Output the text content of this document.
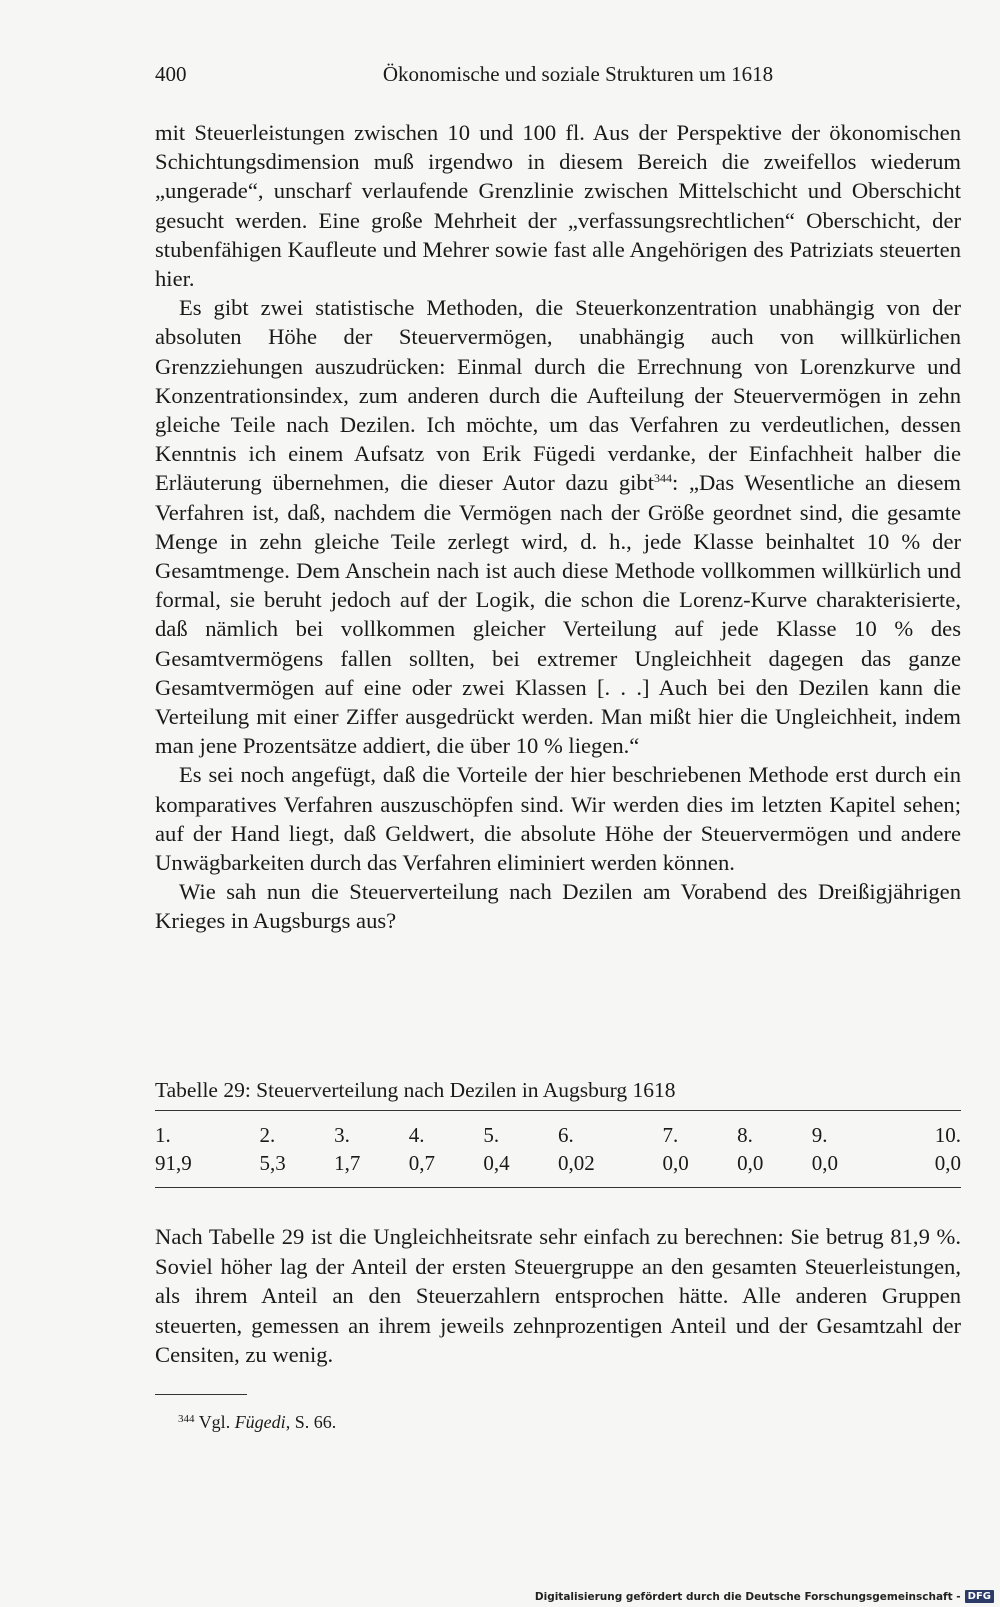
400	Ökonomische und soziale Strukturen um 1618

mit Steuerleistungen zwischen 10 und 100 fl. Aus der Perspektive der ökonomischen Schichtungsdimension muß irgendwo in diesem Bereich die zweifellos wiederum „ungerade“, unscharf verlaufende Grenzlinie zwischen Mittelschicht und Oberschicht gesucht werden. Eine große Mehrheit der „verfassungsrechtlichen“ Oberschicht, der stubenfähigen Kaufleute und Mehrer sowie fast alle Angehörigen des Patriziats steuerten hier.

Es gibt zwei statistische Methoden, die Steuerkonzentration unabhängig von der absoluten Höhe der Steuervermögen, unabhängig auch von willkürlichen Grenzziehungen auszudrücken: Einmal durch die Errechnung von Lorenzkurve und Konzentrationsindex, zum anderen durch die Aufteilung der Steuervermögen in zehn gleiche Teile nach Dezilen. Ich möchte, um das Verfahren zu verdeutlichen, dessen Kenntnis ich einem Aufsatz von Erik Fügedi verdanke, der Einfachheit halber die Erläuterung übernehmen, die dieser Autor dazu gibt$^{344}$: „Das Wesentliche an diesem Verfahren ist, daß, nachdem die Vermögen nach der Größe geordnet sind, die gesamte Menge in zehn gleiche Teile zerlegt wird, d. h., jede Klasse beinhaltet 10 % der Gesamtmenge. Dem Anschein nach ist auch diese Methode vollkommen willkürlich und formal, sie beruht jedoch auf der Logik, die schon die Lorenz-Kurve charakterisierte, daß nämlich bei vollkommen gleicher Verteilung auf jede Klasse 10 % des Gesamtvermögens fallen sollten, bei extremer Ungleichheit dagegen das ganze Gesamtvermögen auf eine oder zwei Klassen [. . .] Auch bei den Dezilen kann die Verteilung mit einer Ziffer ausgedrückt werden. Man mißt hier die Ungleichheit, indem man jene Prozentsätze addiert, die über 10 % liegen.“

Es sei noch angefügt, daß die Vorteile der hier beschriebenen Methode erst durch ein komparatives Verfahren auszuschöpfen sind. Wir werden dies im letzten Kapitel sehen; auf der Hand liegt, daß Geldwert, die absolute Höhe der Steuervermögen und andere Unwägbarkeiten durch das Verfahren eliminiert werden können.

Wie sah nun die Steuerverteilung nach Dezilen am Vorabend des Dreißigjährigen Krieges in Augsburgs aus?

Tabelle 29: Steuerverteilung nach Dezilen in Augsburg 1618
1.	2.	3.	4.	5.	6.	7.	8.	9.	10.
91,9	5,3	1,7	0,7	0,4	0,02	0,0	0,0	0,0	0,0

Nach Tabelle 29 ist die Ungleichheitsrate sehr einfach zu berechnen: Sie betrug 81,9 %. Soviel höher lag der Anteil der ersten Steuergruppe an den gesamten Steuerleistungen, als ihrem Anteil an den Steuerzahlern entsprochen hätte. Alle anderen Gruppen steuerten, gemessen an ihrem jeweils zehnprozentigen Anteil und der Gesamtzahl der Censiten, zu wenig.

$^{344}$ Vgl. Fügedi, S. 66.
Digitalisierung gefördert durch die Deutsche Forschungsgemeinschaft - DFG
